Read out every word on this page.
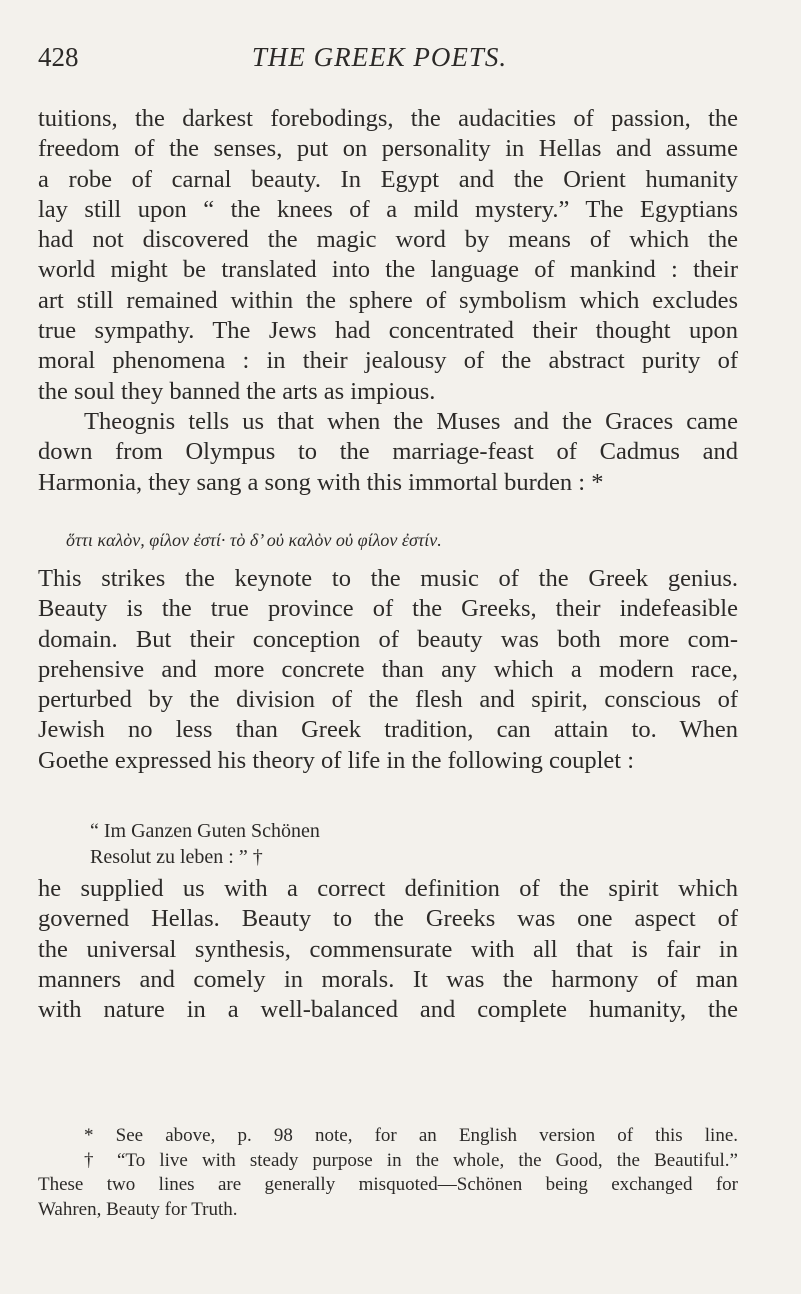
428	THE GREEK POETS.
tuitions, the darkest forebodings, the audacities of passion, the
freedom of the senses, put on personality in Hellas and assume
a robe of carnal beauty. In Egypt and the Orient humanity
lay still upon “ the knees of a mild mystery.” The Egyptians
had not discovered the magic word by means of which the
world might be translated into the language of mankind : their
art still remained within the sphere of symbolism which excludes
true sympathy. The Jews had concentrated their thought upon
moral phenomena : in their jealousy of the abstract purity of
the soul they banned the arts as impious.
Theognis tells us that when the Muses and the Graces came
down from Olympus to the marriage-feast of Cadmus and
Harmonia, they sang a song with this immortal burden : *
ὅττι καλὸν, φίλον ἐστί· τὸ δ’ οὐ καλὸν οὐ φίλον ἐστίν.
This strikes the keynote to the music of the Greek genius.
Beauty is the true province of the Greeks, their indefeasible
domain. But their conception of beauty was both more com-
prehensive and more concrete than any which a modern race,
perturbed by the division of the flesh and spirit, conscious of
Jewish no less than Greek tradition, can attain to. When
Goethe expressed his theory of life in the following couplet :
“ Im Ganzen Guten Schönen
Resolut zu leben : ” †
he supplied us with a correct definition of the spirit which
governed Hellas. Beauty to the Greeks was one aspect of
the universal synthesis, commensurate with all that is fair in
manners and comely in morals. It was the harmony of man
with nature in a well-balanced and complete humanity, the
* See above, p. 98 note, for an English version of this line.
† “To live with steady purpose in the whole, the Good, the Beautiful.”
These two lines are generally misquoted—Schönen being exchanged for
Wahren, Beauty for Truth.
